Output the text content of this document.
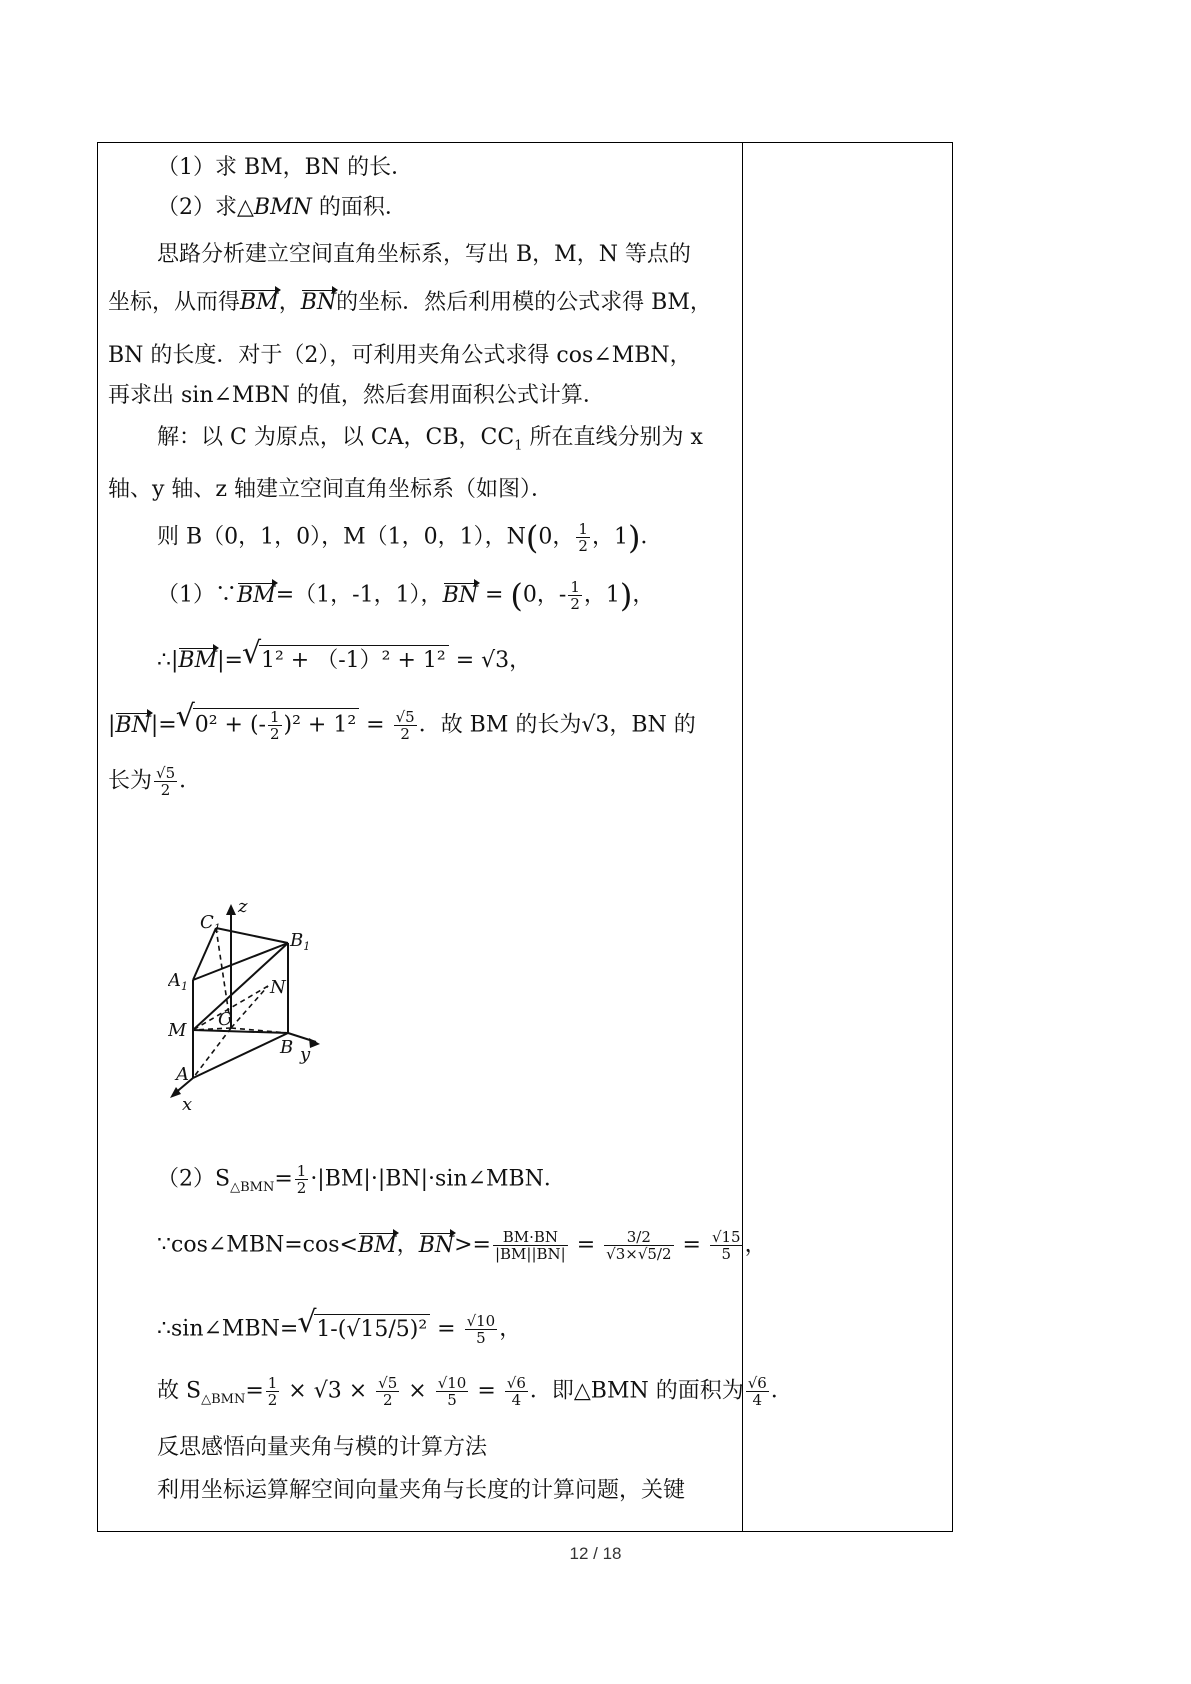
（1）求 BM，BN 的长．
（2）求△BMN 的面积．
思路分析建立空间直角坐标系，写出 B，M，N 等点的
坐标，从而得BM，BN的坐标．然后利用模的公式求得 BM，
BN 的长度．对于（2），可利用夹角公式求得 cos∠MBN，
再求出 sin∠MBN 的值，然后套用面积公式计算．
解：以 C 为原点，以 CA，CB，$CC_1$ 所在直线分别为 x
轴、y 轴、z 轴建立空间直角坐标系（如图）．
则 B（0，1，0），M（1，0，1），N(0， $\frac{1}{2}$ ，1)．
（1）∵BM=（1，-1，1），BN = (0，- $\frac{1}{2}$ ，1)，
∴|BM|= √ 1² + （-1）² + 1² = √3，
|BN|= √ 0² + (- $\frac{1}{2} )^2 + 1^2 = \frac{√5}{2}$ ．故 BM 的长为√3，BN 的
长为 $\frac{√5}{2}$ ．
z
$C_1$
$B_1$
$A_1$	N
M
C
B y
A
x
$(2)S_{\triangle BMN}= \frac{1}{2}$ ·|BM|·|BN|·sin∠MBN．
∵cos∠MBN=cos<BM，$BN>= \frac{BM\cdot BN}{|BM||BN|} = \frac{3/2}{√3\times√5/2} = \frac{√15}{5}$ ，
∴sin∠MBN= √ $1-(√15/5)^2 = \frac{√10}{5}$ ，
故 $S_{\triangle BMN}= \frac{1}{2} \times √3 \times \frac{√5}{2} \times \frac{√10}{5} = \frac{√6}{4}$ ．即△BMN 的面积为 $\frac{√6}{4}$ ．
反思感悟向量夹角与模的计算方法
利用坐标运算解空间向量夹角与长度的计算问题，关键
12 / 18
